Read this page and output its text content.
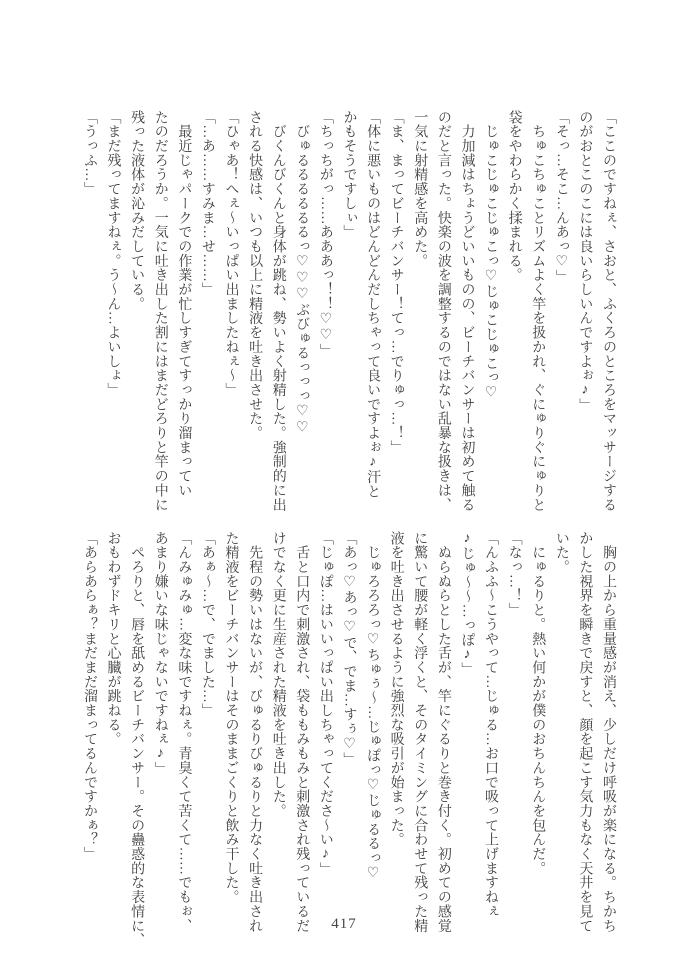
「ここのですねぇ、さおと、ふくろのところをマッサージする

のがおとこのこには良いらしいんですよぉ♪」

「そっ…そこ…んあっ♡」

　ちゅこちゅことリズムよく竿を扱かれ、ぐにゅりぐにゅりと

袋をやわらかく揉まれる。

　じゅこじゅこじゅこっ♡じゅこじゅこっ♡

　力加減はちょうどいいものの、ビーチバンサーは初めて触る

のだと言った。快楽の波を調整するのではない乱暴な扱きは、

一気に射精感を高めた。

「ま、まってビーチバンサー！てっ…でりゅっ…！」

「体に悪いものはどんどんだしちゃって良いですよぉ♪汗と

かもそうですしぃ」

「ちっちがっ……あああっ！！♡♡」

　びゅるるるるるるっ♡♡♡ぶびゅるっっっ♡♡

　びくんびくんと身体が跳ね、勢いよく射精した。強制的に出

される快感は、いつも以上に精液を吐き出させた。

「ひゃあ！へぇ～いっぱい出ましたねぇ～」

「…あ……すみま…せ……」

　最近じゃパークでの作業が忙しすぎてすっかり溜まってい

たのだろうか。一気に吐き出した割にはまだどろりと竿の中に

残った液体が沁みだしている。

「まだ残ってますねぇ。う～ん…よいしょ」

「うっふ…」

　胸の上から重量感が消え、少しだけ呼吸が楽になる。ちかち

かした視界を瞬きで戻すと、顔を起こす気力もなく天井を見て

いた。

　にゅるりと。熱い何かが僕のおちんちんを包んだ。

「なっ…！」

「んふふ～こうやって…じゅる…お口で吸って上げますねぇ

♪じゅ～～…っぽ♪」

　ぬらぬらとした舌が、竿にぐるりと巻き付く。初めての感覚

に驚いて腰が軽く浮くと、そのタイミングに合わせて残った精

液を吐き出させるように強烈な吸引が始まった。

　じゅろろろっ♡ちゅぅ～…じゅぽっ♡じゅるるっ♡

「あっ♡あっ♡で、でま…すぅ♡」

「じゅぽ…はいいっぱい出しちゃってくださ～い♪」

　舌と口内で刺激され、袋ももみもみと刺激され残っているだ

けでなく更に生産された精液を吐き出した。

　先程の勢いはないが、びゅるりびゅるりと力なく吐き出され

た精液をビーチバンサーはそのままごくりと飲み干した。

「あぁ～…で、でました…」

「んみゅみゅ…変な味ですねぇ。青臭くて苦くて……でもぉ、

あまり嫌いな味じゃないですねぇ♪」

　ぺろりと、唇を舐めるビーチバンサー。その蠱惑的な表情に、

おもわずドキリと心臓が跳ねる。

「あらあらぁ？まだまだ溜まってるんですかぁ？」

417
